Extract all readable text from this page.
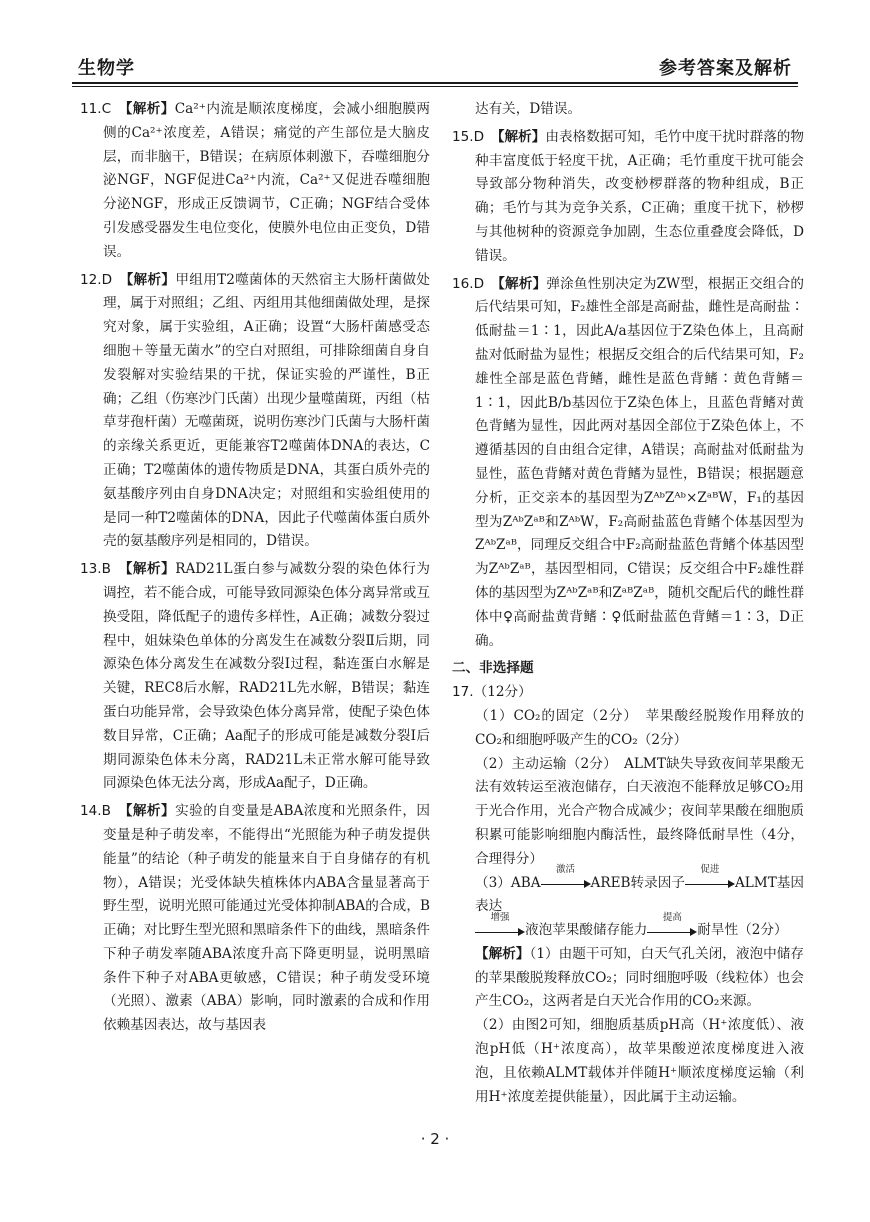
生物学	参考答案及解析
11.C　 【解析】Ca²⁺内流是顺浓度梯度，会减小细胞膜两侧的Ca²⁺浓度差，A错误；痛觉的产生部位是大脑皮层，而非脑干，B错误；在病原体刺激下，吞噬细胞分泌NGF，NGF促进Ca²⁺内流，Ca²⁺又促进吞噬细胞分泌NGF，形成正反馈调节，C正确；NGF结合受体引发感受器发生电位变化，使膜外电位由正变负，D错误。
12.D　 【解析】甲组用T2噬菌体的天然宿主大肠杆菌做处理，属于对照组；乙组、丙组用其他细菌做处理，是探究对象，属于实验组，A正确；设置“大肠杆菌感受态细胞＋等量无菌水”的空白对照组，可排除细菌自身自发裂解对实验结果的干扰，保证实验的严谨性，B正确；乙组（伤寒沙门氏菌）出现少量噬菌斑，丙组（枯草芽孢杆菌）无噬菌斑，说明伤寒沙门氏菌与大肠杆菌的亲缘关系更近，更能兼容T2噬菌体DNA的表达，C正确；T2噬菌体的遗传物质是DNA，其蛋白质外壳的氨基酸序列由自身DNA决定；对照组和实验组使用的是同一种T2噬菌体的DNA，因此子代噬菌体蛋白质外壳的氨基酸序列是相同的，D错误。
13.B　 【解析】RAD21L蛋白参与减数分裂的染色体行为调控，若不能合成，可能导致同源染色体分离异常或互换受阻，降低配子的遗传多样性，A正确；减数分裂过程中，姐妹染色单体的分离发生在减数分裂Ⅱ后期，同源染色体分离发生在减数分裂Ⅰ过程，黏连蛋白水解是关键，REC8后水解，RAD21L先水解，B错误；黏连蛋白功能异常，会导致染色体分离异常，使配子染色体数目异常，C正确；Aa配子的形成可能是减数分裂Ⅰ后期同源染色体未分离，RAD21L未正常水解可能导致同源染色体无法分离，形成Aa配子，D正确。
14.B　 【解析】实验的自变量是ABA浓度和光照条件，因变量是种子萌发率，不能得出“光照能为种子萌发提供能量”的结论（种子萌发的能量来自于自身储存的有机物），A错误；光受体缺失植株体内ABA含量显著高于野生型，说明光照可能通过光受体抑制ABA的合成，B正确；对比野生型光照和黑暗条件下的曲线，黑暗条件下种子萌发率随ABA浓度升高下降更明显，说明黑暗条件下种子对ABA更敏感，C错误；种子萌发受环境（光照）、激素（ABA）影响，同时激素的合成和作用依赖基因表达，故与基因表
达有关，D错误。
15.D　 【解析】由表格数据可知，毛竹中度干扰时群落的物种丰富度低于轻度干扰，A正确；毛竹重度干扰可能会导致部分物种消失，改变桫椤群落的物种组成，B正确；毛竹与其为竞争关系，C正确；重度干扰下，桫椤与其他树种的资源竞争加剧，生态位重叠度会降低，D错误。
16.D　 【解析】弹涂鱼性别决定为ZW型，根据正交组合的后代结果可知，F₂雄性全部是高耐盐，雌性是高耐盐∶低耐盐＝1∶1，因此A/a基因位于Z染色体上，且高耐盐对低耐盐为显性；根据反交组合的后代结果可知，F₂雄性全部是蓝色背鳍，雌性是蓝色背鳍∶黄色背鳍＝1∶1，因此B/b基因位于Z染色体上，且蓝色背鳍对黄色背鳍为显性，因此两对基因全部位于Z染色体上，不遵循基因的自由组合定律，A错误；高耐盐对低耐盐为显性，蓝色背鳍对黄色背鳍为显性，B错误；根据题意分析，正交亲本的基因型为ZᴬᵇZᴬᵇ×ZᵃᴮW，F₁的基因型为ZᴬᵇZᵃᴮ和ZᴬᵇW，F₂高耐盐蓝色背鳍个体基因型为ZᴬᵇZᵃᴮ，同理反交组合中F₂高耐盐蓝色背鳍个体基因型为ZᴬᵇZᵃᴮ，基因型相同，C错误；反交组合中F₂雄性群体的基因型为ZᴬᵇZᵃᴮ和ZᵃᴮZᵃᴮ，随机交配后代的雌性群体中♀高耐盐黄背鳍∶♀低耐盐蓝色背鳍＝1∶3，D正确。
二、非选择题
17.（12分）
（1）CO₂的固定（2分）　苹果酸经脱羧作用释放的CO₂和细胞呼吸产生的CO₂（2分）
（2）主动运输（2分）　ALMT缺失导致夜间苹果酸无法有效转运至液泡储存，白天液泡不能释放足够CO₂用于光合作用，光合产物合成减少；夜间苹果酸在细胞质积累可能影响细胞内酶活性，最终降低耐旱性（4分，合理得分）
（3）ABA
激活
AREB转录因子
促进
ALMT基因表达
增强
液泡苹果酸储存能力
提高
耐旱性（2分）
【解析】（1）由题干可知，白天气孔关闭，液泡中储存的苹果酸脱羧释放CO₂；同时细胞呼吸（线粒体）也会产生CO₂，这两者是白天光合作用的CO₂来源。
（2）由图2可知，细胞质基质pH高（H⁺浓度低）、液泡pH低（H⁺浓度高），故苹果酸逆浓度梯度进入液泡，且依赖ALMT载体并伴随H⁺顺浓度梯度运输（利用H⁺浓度差提供能量），因此属于主动运输。
· 2 ·
